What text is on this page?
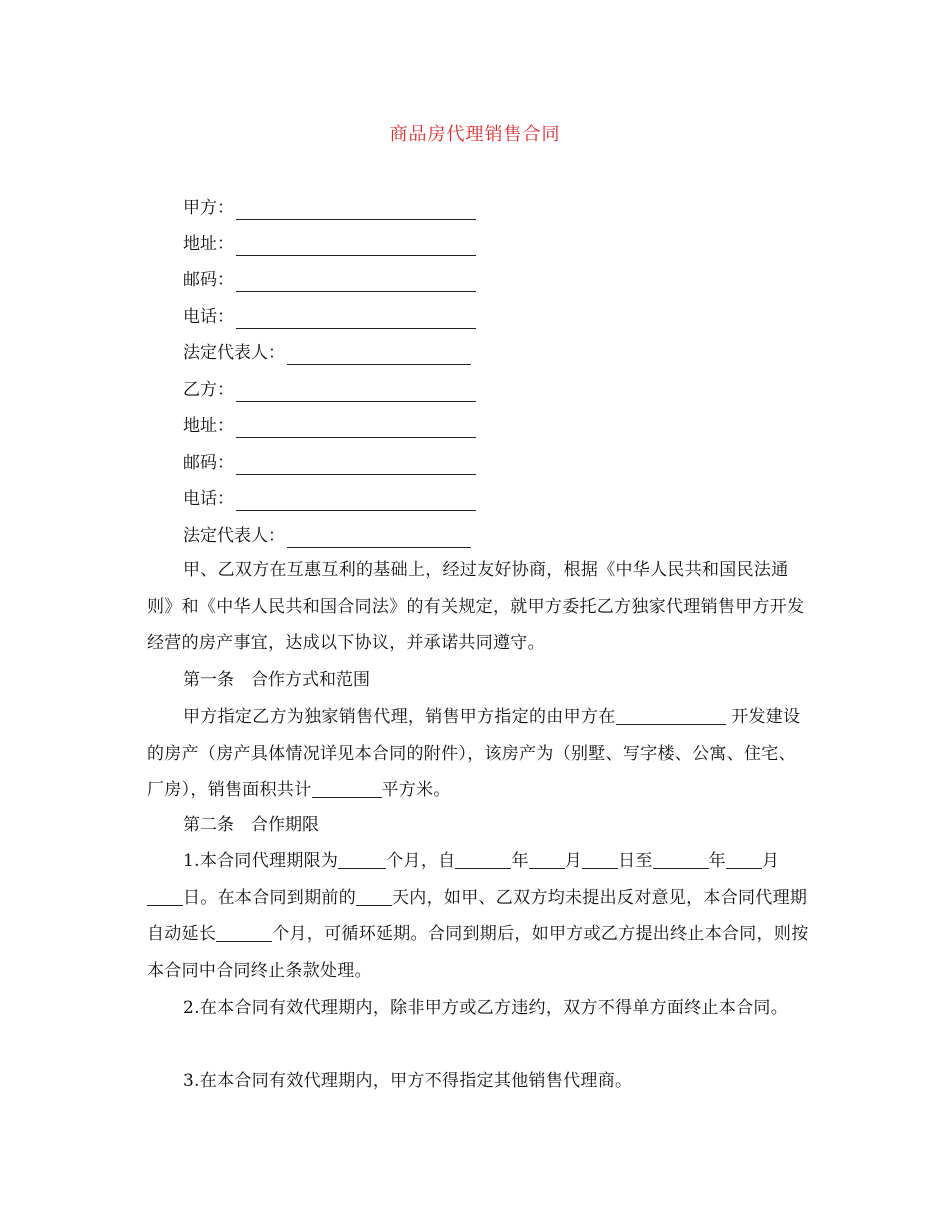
商品房代理销售合同
甲方：
地址：
邮码：
电话：
法定代表人：
乙方：
地址：
邮码：
电话：
法定代表人：

甲、乙双方在互惠互利的基础上，经过友好协商，根据《中华人民共和国民法通则》和《中华人民共和国合同法》的有关规定，就甲方委托乙方独家代理销售甲方开发经营的房产事宜，达成以下协议，并承诺共同遵守。

第一条　合作方式和范围

甲方指定乙方为独家销售代理，销售甲方指定的由甲方在	开发建设的房产（房产具体情况详见本合同的附件），该房产为（别墅、写字楼、公寓、住宅、厂房），销售面积共计	平方米。

第二条　合作期限

1.本合同代理期限为	个月，自	年 月 日至	年 月日。在本合同到期前的 天内，如甲、乙双方均未提出反对意见，本合同代理期自动延长	个月，可循环延期。合同到期后，如甲方或乙方提出终止本合同，则按本合同中合同终止条款处理。

2.在本合同有效代理期内，除非甲方或乙方违约，双方不得单方面终止本合同。

3.在本合同有效代理期内，甲方不得指定其他销售代理商。
